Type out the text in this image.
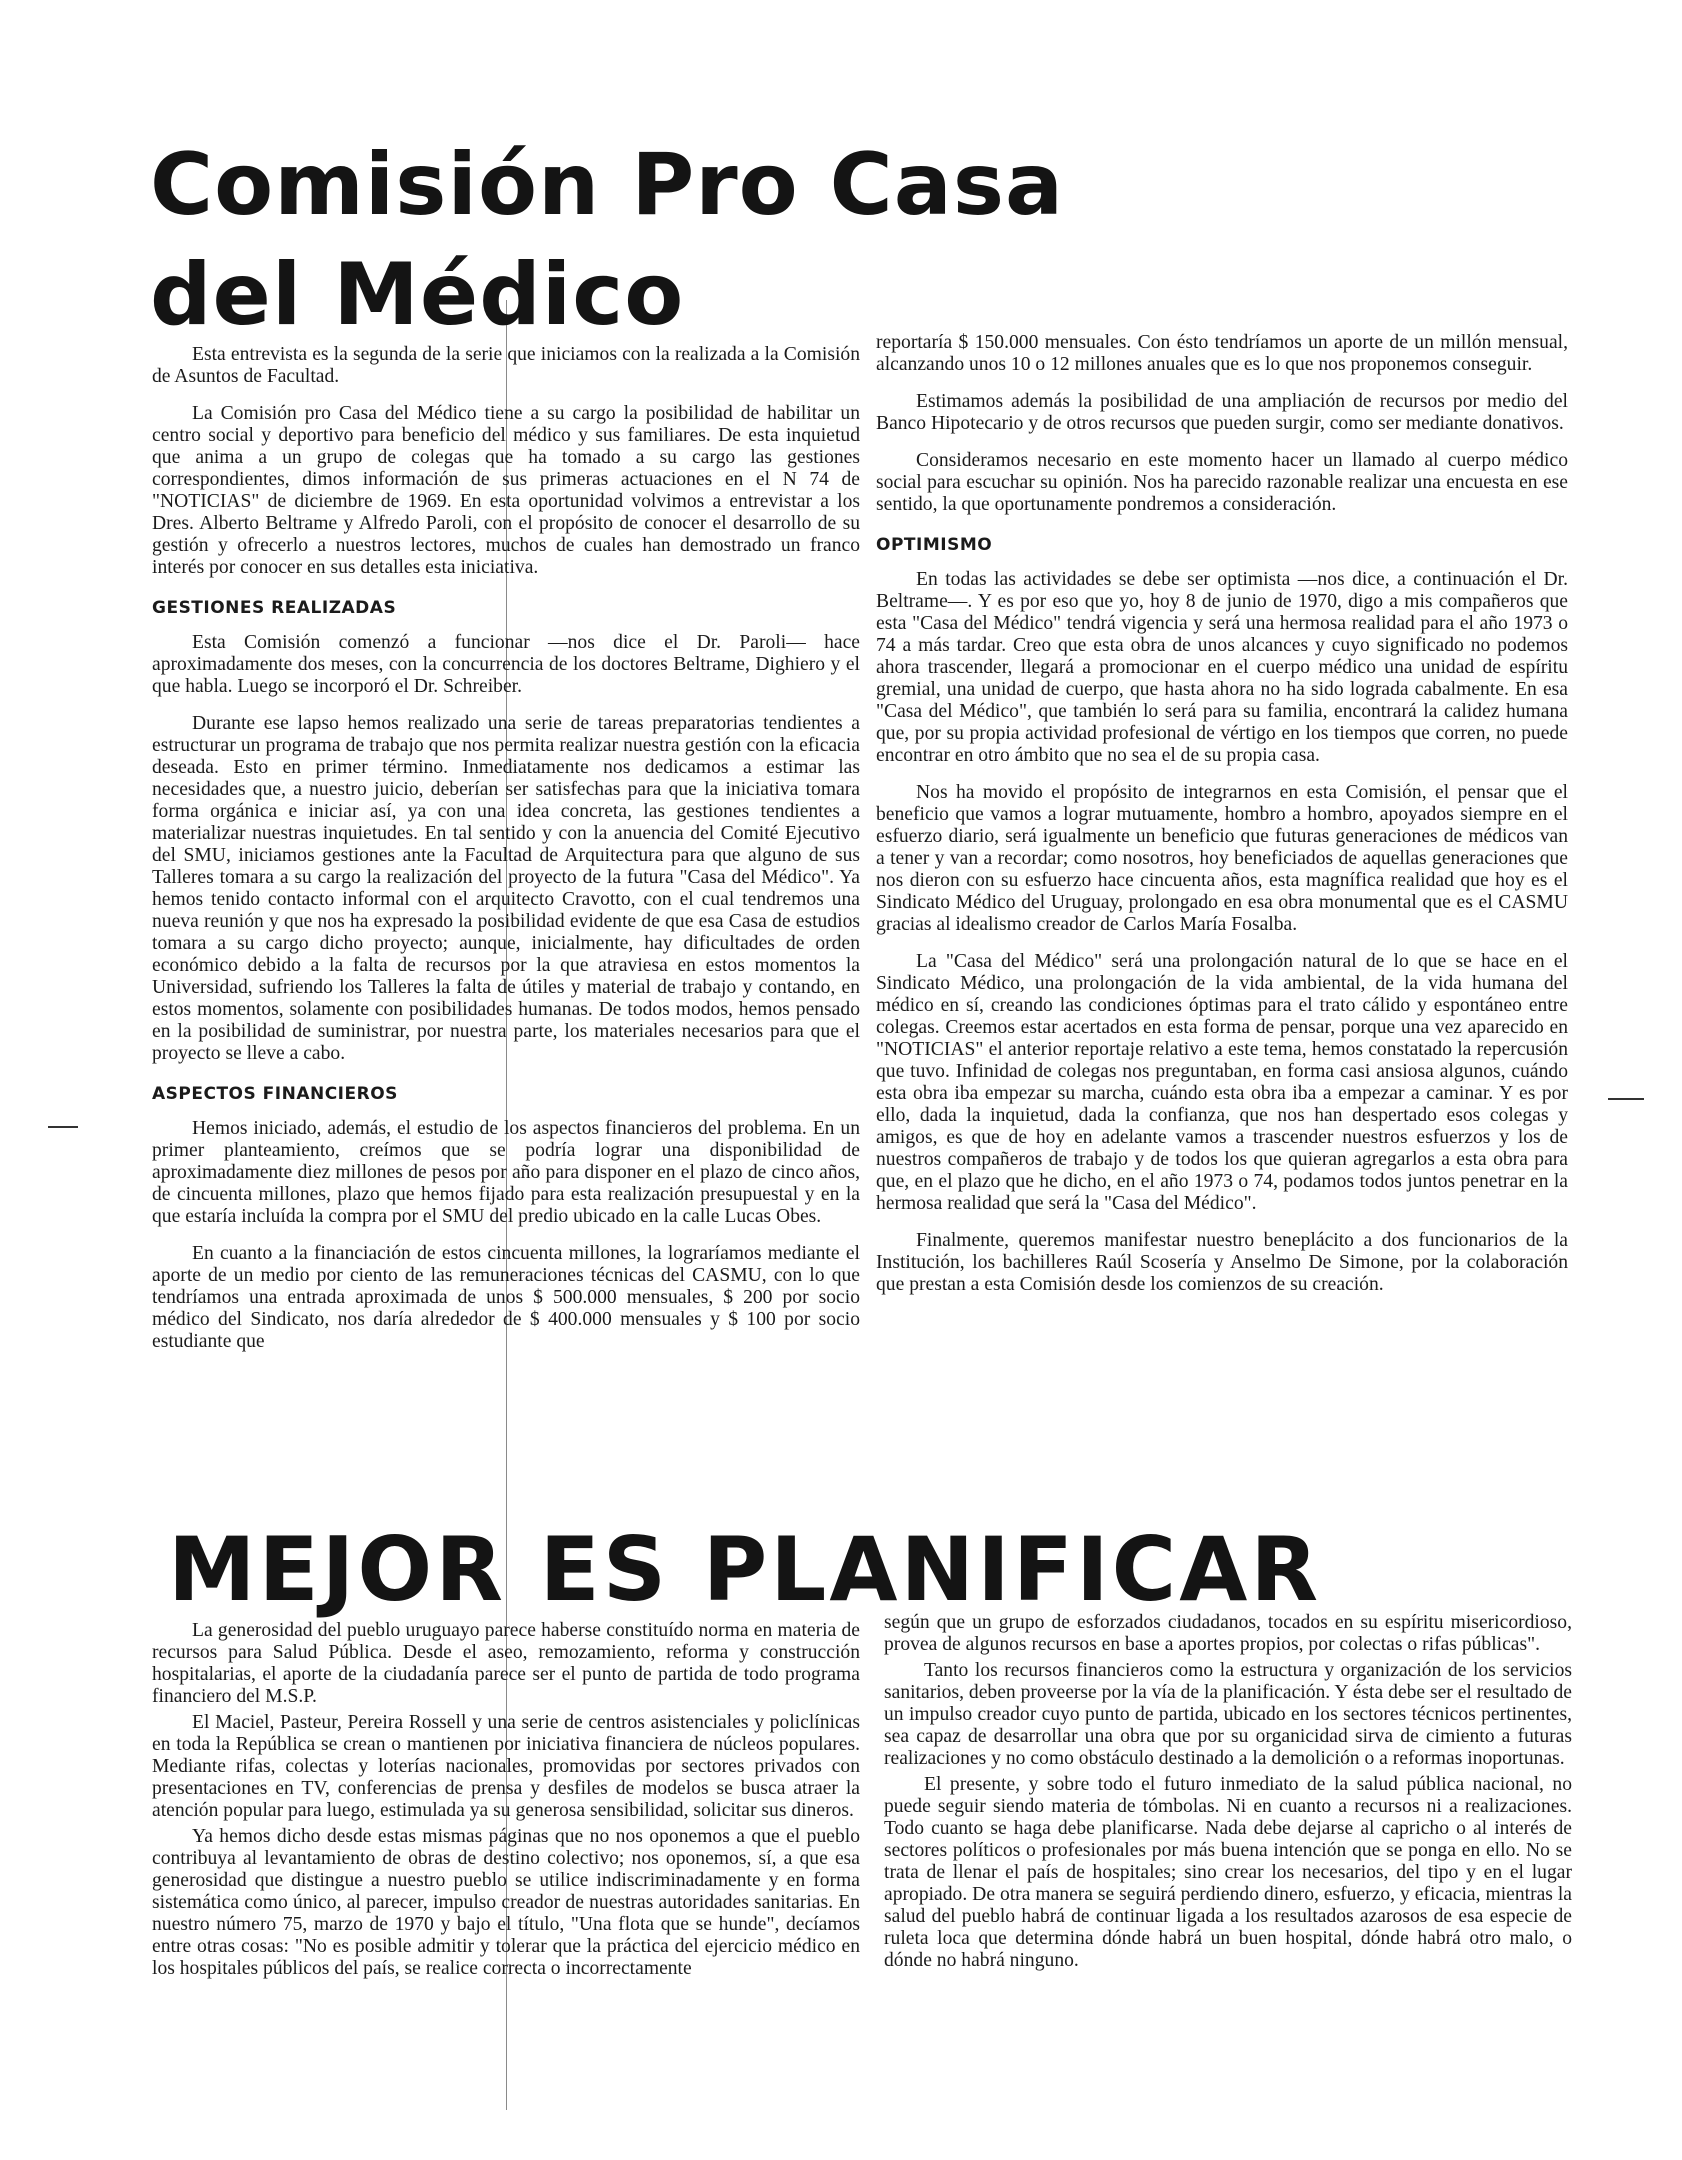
Comisión Pro Casa
del Médico

Esta entrevista es la segunda de la serie que iniciamos con la realizada a la Comisión de Asuntos de Facultad.

La Comisión pro Casa del Médico tiene a su cargo la posibilidad de habilitar un centro social y deportivo para beneficio del médico y sus familiares. De esta inquietud que anima a un grupo de colegas que ha tomado a su cargo las gestiones correspondientes, dimos información de sus primeras actuaciones en el N 74 de "NOTICIAS" de diciembre de 1969. En esta oportunidad volvimos a entrevistar a los Dres. Alberto Beltrame y Alfredo Paroli, con el propósito de conocer el desarrollo de su gestión y ofrecerlo a nuestros lectores, muchos de cuales han demostrado un franco interés por conocer en sus detalles esta iniciativa.

GESTIONES REALIZADAS

Esta Comisión comenzó a funcionar —nos dice el Dr. Paroli— hace aproximadamente dos meses, con la concurrencia de los doctores Beltrame, Dighiero y el que habla. Luego se incorporó el Dr. Schreiber.

Durante ese lapso hemos realizado una serie de tareas preparatorias tendientes a estructurar un programa de trabajo que nos permita realizar nuestra gestión con la eficacia deseada. Esto en primer término. Inmediatamente nos dedicamos a estimar las necesidades que, a nuestro juicio, deberían ser satisfechas para que la iniciativa tomara forma orgánica e iniciar así, ya con una idea concreta, las gestiones tendientes a materializar nuestras inquietudes. En tal sentido y con la anuencia del Comité Ejecutivo del SMU, iniciamos gestiones ante la Facultad de Arquitectura para que alguno de sus Talleres tomara a su cargo la realización del proyecto de la futura "Casa del Médico". Ya hemos tenido contacto informal con el arquitecto Cravotto, con el cual tendremos una nueva reunión y que nos ha expresado la posibilidad evidente de que esa Casa de estudios tomara a su cargo dicho proyecto; aunque, inicialmente, hay dificultades de orden económico debido a la falta de recursos por la que atraviesa en estos momentos la Universidad, sufriendo los Talleres la falta de útiles y material de trabajo y contando, en estos momentos, solamente con posibilidades humanas. De todos modos, hemos pensado en la posibilidad de suministrar, por nuestra parte, los materiales necesarios para que el proyecto se lleve a cabo.

ASPECTOS FINANCIEROS

Hemos iniciado, además, el estudio de los aspectos financieros del problema. En un primer planteamiento, creímos que se podría lograr una disponibilidad de aproximadamente diez millones de pesos por año para disponer en el plazo de cinco años, de cincuenta millones, plazo que hemos fijado para esta realización presupuestal y en la que estaría incluída la compra por el SMU del predio ubicado en la calle Lucas Obes.

En cuanto a la financiación de estos cincuenta millones, la lograríamos mediante el aporte de un medio por ciento de las remuneraciones técnicas del CASMU, con lo que tendríamos una entrada aproximada de unos $ 500.000 mensuales, $ 200 por socio médico del Sindicato, nos daría alrededor de $ 400.000 mensuales y $ 100 por socio estudiante que

reportaría $ 150.000 mensuales. Con ésto tendríamos un aporte de un millón mensual, alcanzando unos 10 o 12 millones anuales que es lo que nos proponemos conseguir.

Estimamos además la posibilidad de una ampliación de recursos por medio del Banco Hipotecario y de otros recursos que pueden surgir, como ser mediante donativos.

Consideramos necesario en este momento hacer un llamado al cuerpo médico social para escuchar su opinión. Nos ha parecido razonable realizar una encuesta en ese sentido, la que oportunamente pondremos a consideración.

OPTIMISMO

En todas las actividades se debe ser optimista —nos dice, a continuación el Dr. Beltrame—. Y es por eso que yo, hoy 8 de junio de 1970, digo a mis compañeros que esta "Casa del Médico" tendrá vigencia y será una hermosa realidad para el año 1973 o 74 a más tardar. Creo que esta obra de unos alcances y cuyo significado no podemos ahora trascender, llegará a promocionar en el cuerpo médico una unidad de espíritu gremial, una unidad de cuerpo, que hasta ahora no ha sido lograda cabalmente. En esa "Casa del Médico", que también lo será para su familia, encontrará la calidez humana que, por su propia actividad profesional de vértigo en los tiempos que corren, no puede encontrar en otro ámbito que no sea el de su propia casa.

Nos ha movido el propósito de integrarnos en esta Comisión, el pensar que el beneficio que vamos a lograr mutuamente, hombro a hombro, apoyados siempre en el esfuerzo diario, será igualmente un beneficio que futuras generaciones de médicos van a tener y van a recordar; como nosotros, hoy beneficiados de aquellas generaciones que nos dieron con su esfuerzo hace cincuenta años, esta magnífica realidad que hoy es el Sindicato Médico del Uruguay, prolongado en esa obra monumental que es el CASMU gracias al idealismo creador de Carlos María Fosalba.

La "Casa del Médico" será una prolongación natural de lo que se hace en el Sindicato Médico, una prolongación de la vida ambiental, de la vida humana del médico en sí, creando las condiciones óptimas para el trato cálido y espontáneo entre colegas. Creemos estar acertados en esta forma de pensar, porque una vez aparecido en "NOTICIAS" el anterior reportaje relativo a este tema, hemos constatado la repercusión que tuvo. Infinidad de colegas nos preguntaban, en forma casi ansiosa algunos, cuándo esta obra iba empezar su marcha, cuándo esta obra iba a empezar a caminar. Y es por ello, dada la inquietud, dada la confianza, que nos han despertado esos colegas y amigos, es que de hoy en adelante vamos a trascender nuestros esfuerzos y los de nuestros compañeros de trabajo y de todos los que quieran agregarlos a esta obra para que, en el plazo que he dicho, en el año 1973 o 74, podamos todos juntos penetrar en la hermosa realidad que será la "Casa del Médico".

Finalmente, queremos manifestar nuestro beneplácito a dos funcionarios de la Institución, los bachilleres Raúl Scosería y Anselmo De Simone, por la colaboración que prestan a esta Comisión desde los comienzos de su creación.

MEJOR ES PLANIFICAR

La generosidad del pueblo uruguayo parece haberse constituído norma en materia de recursos para Salud Pública. Desde el aseo, remozamiento, reforma y construcción hospitalarias, el aporte de la ciudadanía parece ser el punto de partida de todo programa financiero del M.S.P.

El Maciel, Pasteur, Pereira Rossell y una serie de centros asistenciales y policlínicas en toda la República se crean o mantienen por iniciativa financiera de núcleos populares. Mediante rifas, colectas y loterías nacionales, promovidas por sectores privados con presentaciones en TV, conferencias de prensa y desfiles de modelos se busca atraer la atención popular para luego, estimulada ya su generosa sensibilidad, solicitar sus dineros.

Ya hemos dicho desde estas mismas páginas que no nos oponemos a que el pueblo contribuya al levantamiento de obras de destino colectivo; nos oponemos, sí, a que esa generosidad que distingue a nuestro pueblo se utilice indiscriminadamente y en forma sistemática como único, al parecer, impulso creador de nuestras autoridades sanitarias. En nuestro número 75, marzo de 1970 y bajo el título, "Una flota que se hunde", decíamos entre otras cosas: "No es posible admitir y tolerar que la práctica del ejercicio médico en los hospitales públicos del país, se realice correcta o incorrectamente

según que un grupo de esforzados ciudadanos, tocados en su espíritu misericordioso, provea de algunos recursos en base a aportes propios, por colectas o rifas públicas".

Tanto los recursos financieros como la estructura y organización de los servicios sanitarios, deben proveerse por la vía de la planificación. Y ésta debe ser el resultado de un impulso creador cuyo punto de partida, ubicado en los sectores técnicos pertinentes, sea capaz de desarrollar una obra que por su organicidad sirva de cimiento a futuras realizaciones y no como obstáculo destinado a la demolición o a reformas inoportunas.

El presente, y sobre todo el futuro inmediato de la salud pública nacional, no puede seguir siendo materia de tómbolas. Ni en cuanto a recursos ni a realizaciones. Todo cuanto se haga debe planificarse. Nada debe dejarse al capricho o al interés de sectores políticos o profesionales por más buena intención que se ponga en ello. No se trata de llenar el país de hospitales; sino crear los necesarios, del tipo y en el lugar apropiado. De otra manera se seguirá perdiendo dinero, esfuerzo, y eficacia, mientras la salud del pueblo habrá de continuar ligada a los resultados azarosos de esa especie de ruleta loca que determina dónde habrá un buen hospital, dónde habrá otro malo, o dónde no habrá ninguno.
